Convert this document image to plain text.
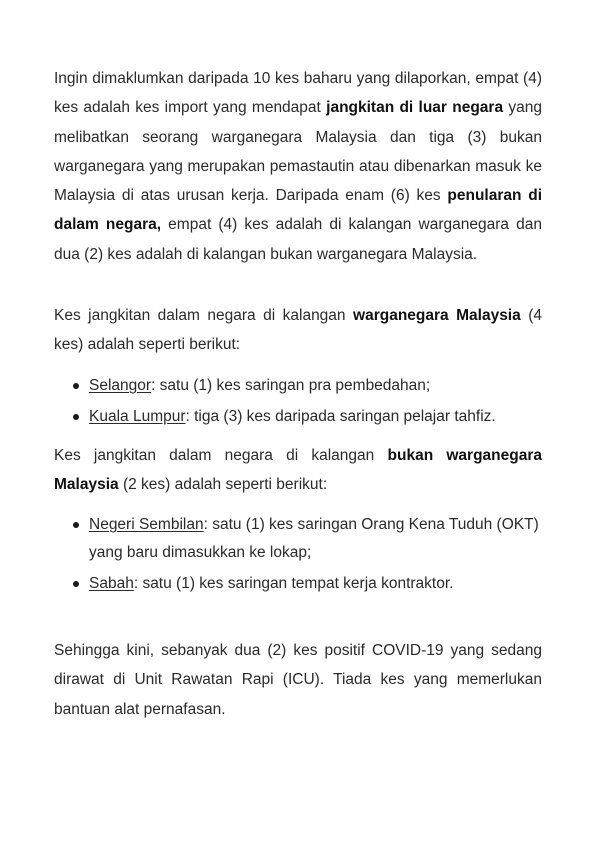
Ingin dimaklumkan daripada 10 kes baharu yang dilaporkan, empat (4) kes adalah kes import yang mendapat jangkitan di luar negara yang melibatkan seorang warganegara Malaysia dan tiga (3) bukan warganegara yang merupakan pemastautin atau dibenarkan masuk ke Malaysia di atas urusan kerja. Daripada enam (6) kes penularan di dalam negara, empat (4) kes adalah di kalangan warganegara dan dua (2) kes adalah di kalangan bukan warganegara Malaysia.

Kes jangkitan dalam negara di kalangan warganegara Malaysia (4 kes) adalah seperti berikut:

Selangor: satu (1) kes saringan pra pembedahan;
Kuala Lumpur: tiga (3) kes daripada saringan pelajar tahfiz.

Kes jangkitan dalam negara di kalangan bukan warganegara Malaysia (2 kes) adalah seperti berikut:

Negeri Sembilan: satu (1) kes saringan Orang Kena Tuduh (OKT) yang baru dimasukkan ke lokap;
Sabah: satu (1) kes saringan tempat kerja kontraktor.

Sehingga kini, sebanyak dua (2) kes positif COVID-19 yang sedang dirawat di Unit Rawatan Rapi (ICU). Tiada kes yang memerlukan bantuan alat pernafasan.
